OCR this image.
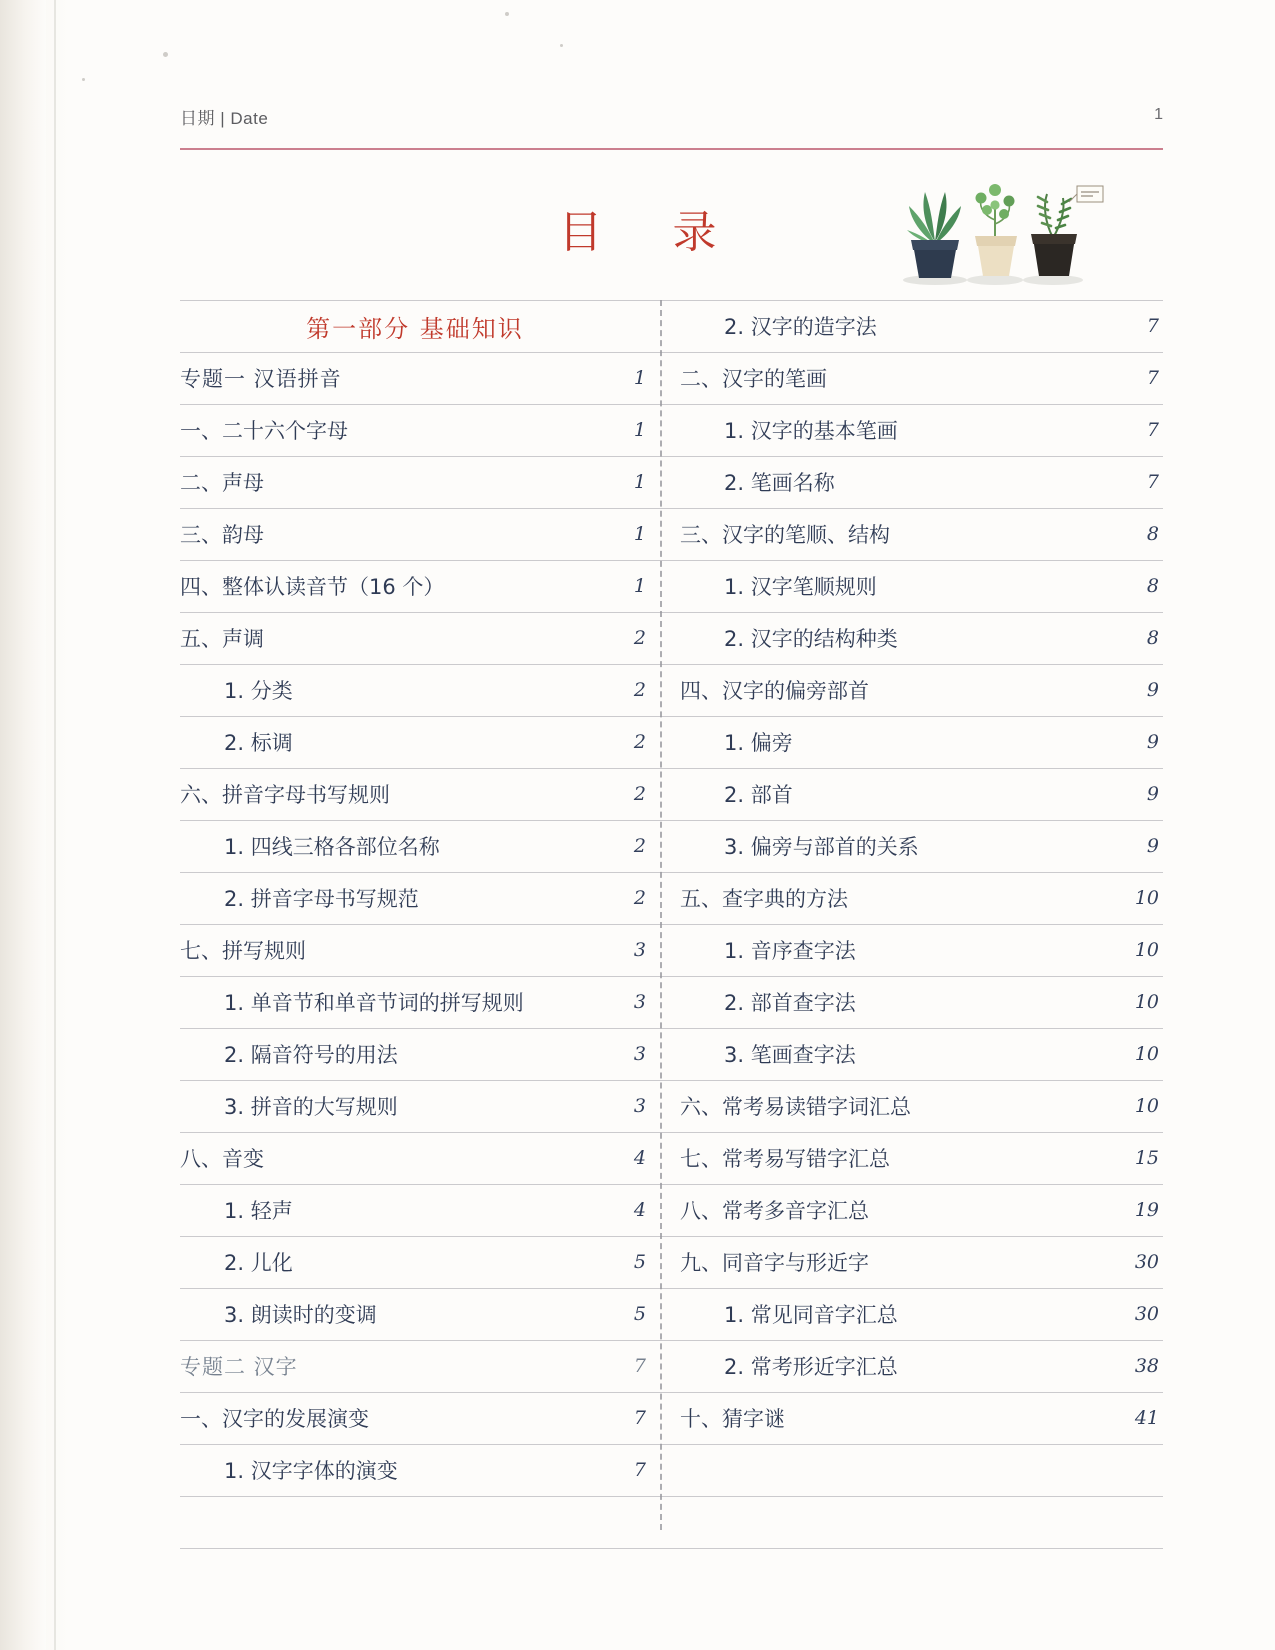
日期 | Date	1
目 录
第一部分 基础知识
专题一 汉语拼音	1
一、二十六个字母	1
二、声母	1
三、韵母	1
四、整体认读音节（16 个）	1
五、声调	2
1. 分类	2
2. 标调	2
六、拼音字母书写规则	2
1. 四线三格各部位名称	2
2. 拼音字母书写规范	2
七、拼写规则	3
1. 单音节和单音节词的拼写规则	3
2. 隔音符号的用法	3
3. 拼音的大写规则	3
八、音变	4
1. 轻声	4
2. 儿化	5
3. 朗读时的变调	5
专题二 汉字	7
一、汉字的发展演变	7
1. 汉字字体的演变	7
2. 汉字的造字法	7
二、汉字的笔画	7
1. 汉字的基本笔画	7
2. 笔画名称	7
三、汉字的笔顺、结构	8
1. 汉字笔顺规则	8
2. 汉字的结构种类	8
四、汉字的偏旁部首	9
1. 偏旁	9
2. 部首	9
3. 偏旁与部首的关系	9
五、查字典的方法	10
1. 音序查字法	10
2. 部首查字法	10
3. 笔画查字法	10
六、常考易读错字词汇总	10
七、常考易写错字汇总	15
八、常考多音字汇总	19
九、同音字与形近字	30
1. 常见同音字汇总	30
2. 常考形近字汇总	38
十、猜字谜	41
